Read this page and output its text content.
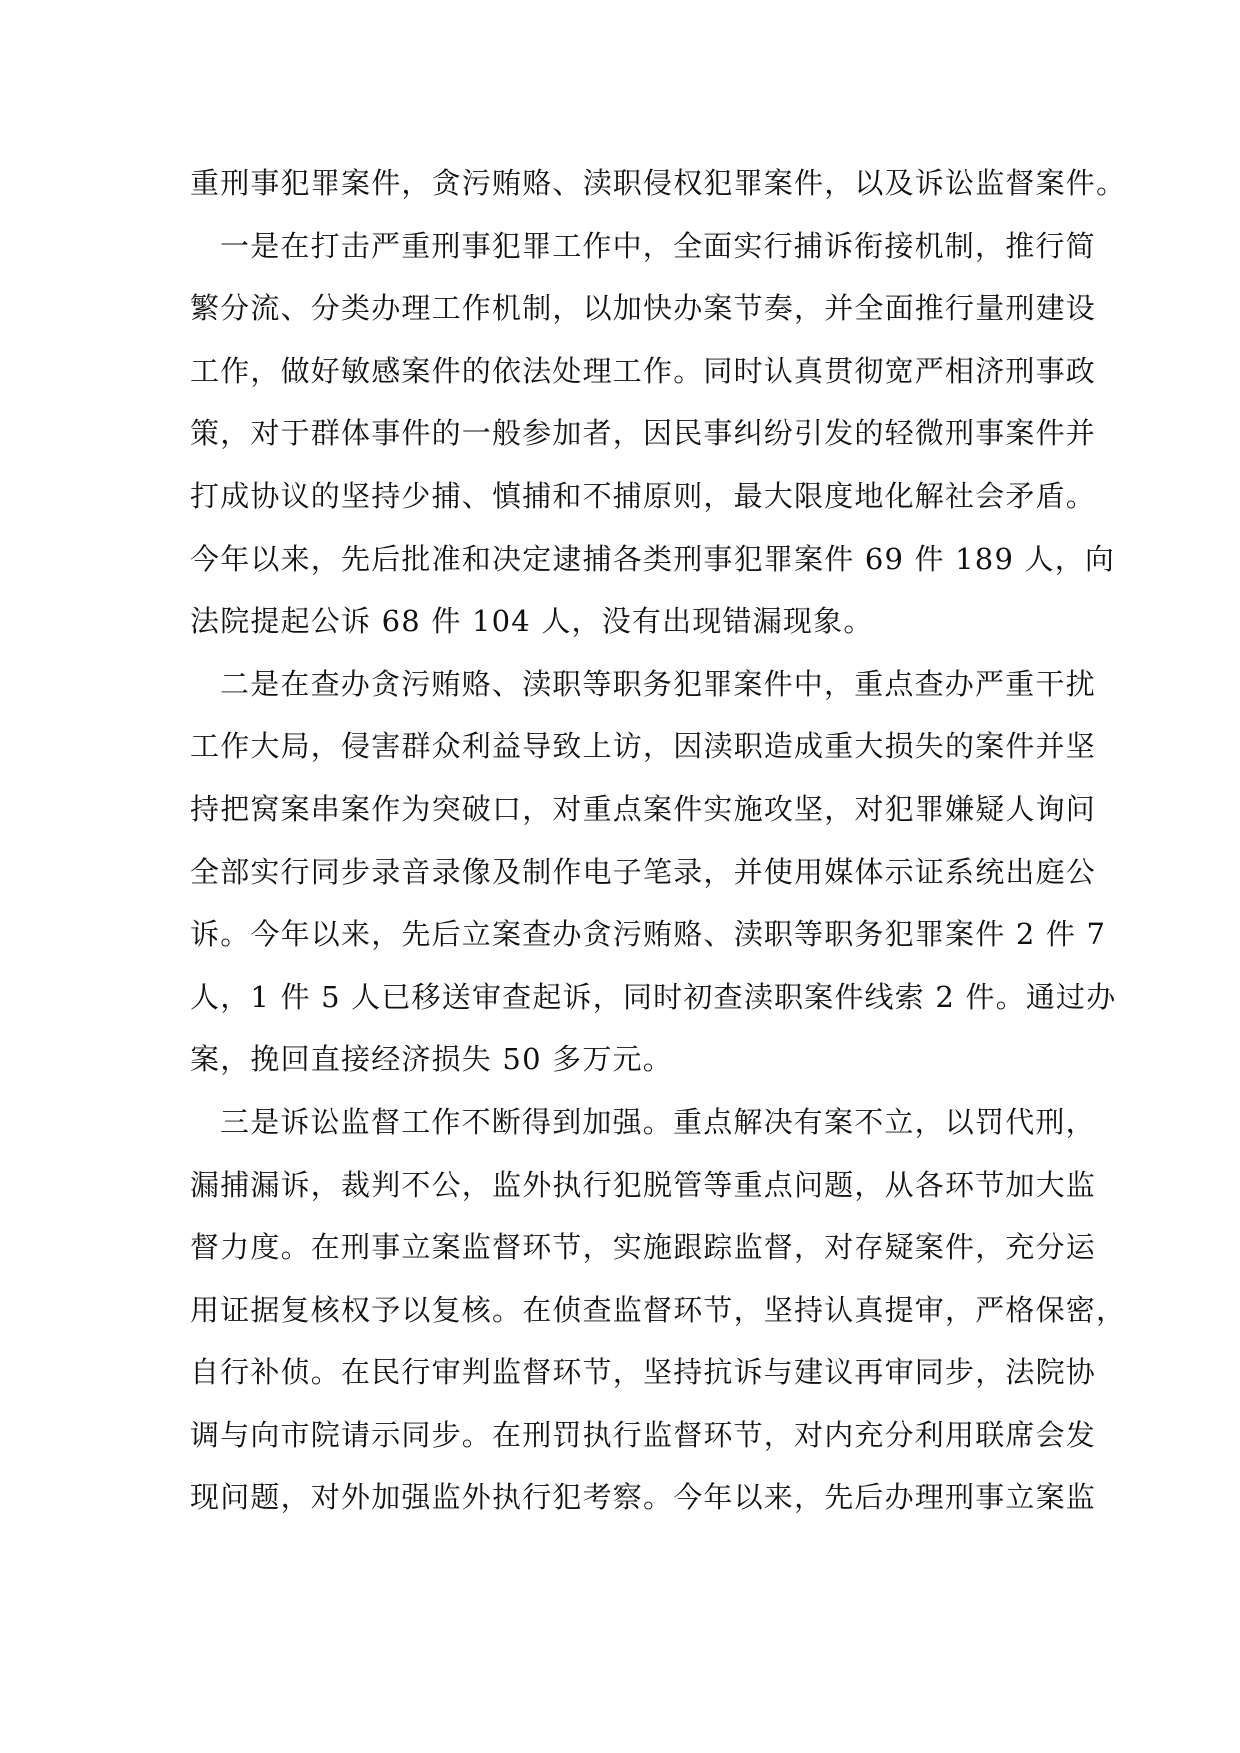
重刑事犯罪案件，贪污贿赂、渎职侵权犯罪案件，以及诉讼监督案件。
一是在打击严重刑事犯罪工作中，全面实行捕诉衔接机制，推行简
繁分流、分类办理工作机制，以加快办案节奏，并全面推行量刑建设
工作，做好敏感案件的依法处理工作。同时认真贯彻宽严相济刑事政
策，对于群体事件的一般参加者，因民事纠纷引发的轻微刑事案件并
打成协议的坚持少捕、慎捕和不捕原则，最大限度地化解社会矛盾。
今年以来，先后批准和决定逮捕各类刑事犯罪案件 69 件 189 人，向
法院提起公诉 68 件 104 人，没有出现错漏现象。
二是在查办贪污贿赂、渎职等职务犯罪案件中，重点查办严重干扰
工作大局，侵害群众利益导致上访，因渎职造成重大损失的案件并坚
持把窝案串案作为突破口，对重点案件实施攻坚，对犯罪嫌疑人询问
全部实行同步录音录像及制作电子笔录，并使用媒体示证系统出庭公
诉。今年以来，先后立案查办贪污贿赂、渎职等职务犯罪案件 2 件 7
人，1 件 5 人已移送审查起诉，同时初查渎职案件线索 2 件。通过办
案，挽回直接经济损失 50 多万元。
三是诉讼监督工作不断得到加强。重点解决有案不立，以罚代刑，
漏捕漏诉，裁判不公，监外执行犯脱管等重点问题，从各环节加大监
督力度。在刑事立案监督环节，实施跟踪监督，对存疑案件，充分运
用证据复核权予以复核。在侦查监督环节，坚持认真提审，严格保密，
自行补侦。在民行审判监督环节，坚持抗诉与建议再审同步，法院协
调与向市院请示同步。在刑罚执行监督环节，对内充分利用联席会发
现问题，对外加强监外执行犯考察。今年以来，先后办理刑事立案监
